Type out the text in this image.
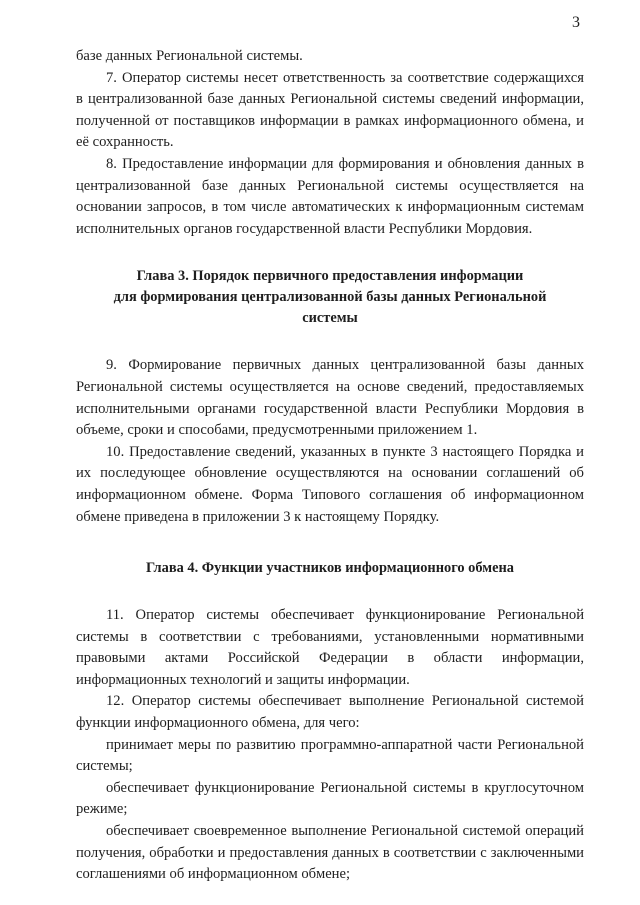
3

базе данных Региональной системы.

7. Оператор системы несет ответственность за соответствие содержащихся в централизованной базе данных Региональной системы сведений информации, полученной от поставщиков информации в рамках информационного обмена, и её сохранность.

8. Предоставление информации для формирования и обновления данных в централизованной базе данных Региональной системы осуществляется на основании запросов, в том числе автоматических к информационным системам исполнительных органов государственной власти Республики Мордовия.

Глава 3. Порядок первичного предоставления информации
для формирования централизованной базы данных Региональной
системы

9. Формирование первичных данных централизованной базы данных Региональной системы осуществляется на основе сведений, предоставляемых исполнительными органами государственной власти Республики Мордовия в объеме, сроки и способами, предусмотренными приложением 1.

10. Предоставление сведений, указанных в пункте 3 настоящего Порядка и их последующее обновление осуществляются на основании соглашений об информационном обмене. Форма Типового соглашения об информационном обмене приведена в приложении 3 к настоящему Порядку.

Глава 4. Функции участников информационного обмена

11. Оператор системы обеспечивает функционирование Региональной системы в соответствии с требованиями, установленными нормативными правовыми актами Российской Федерации в области информации, информационных технологий и защиты информации.

12. Оператор системы обеспечивает выполнение Региональной системой функции информационного обмена, для чего:

принимает меры по развитию программно-аппаратной части Региональной системы;

обеспечивает функционирование Региональной системы в круглосуточном режиме;

обеспечивает своевременное выполнение Региональной системой операций получения, обработки и предоставления данных в соответствии с заключенными соглашениями об информационном обмене;
